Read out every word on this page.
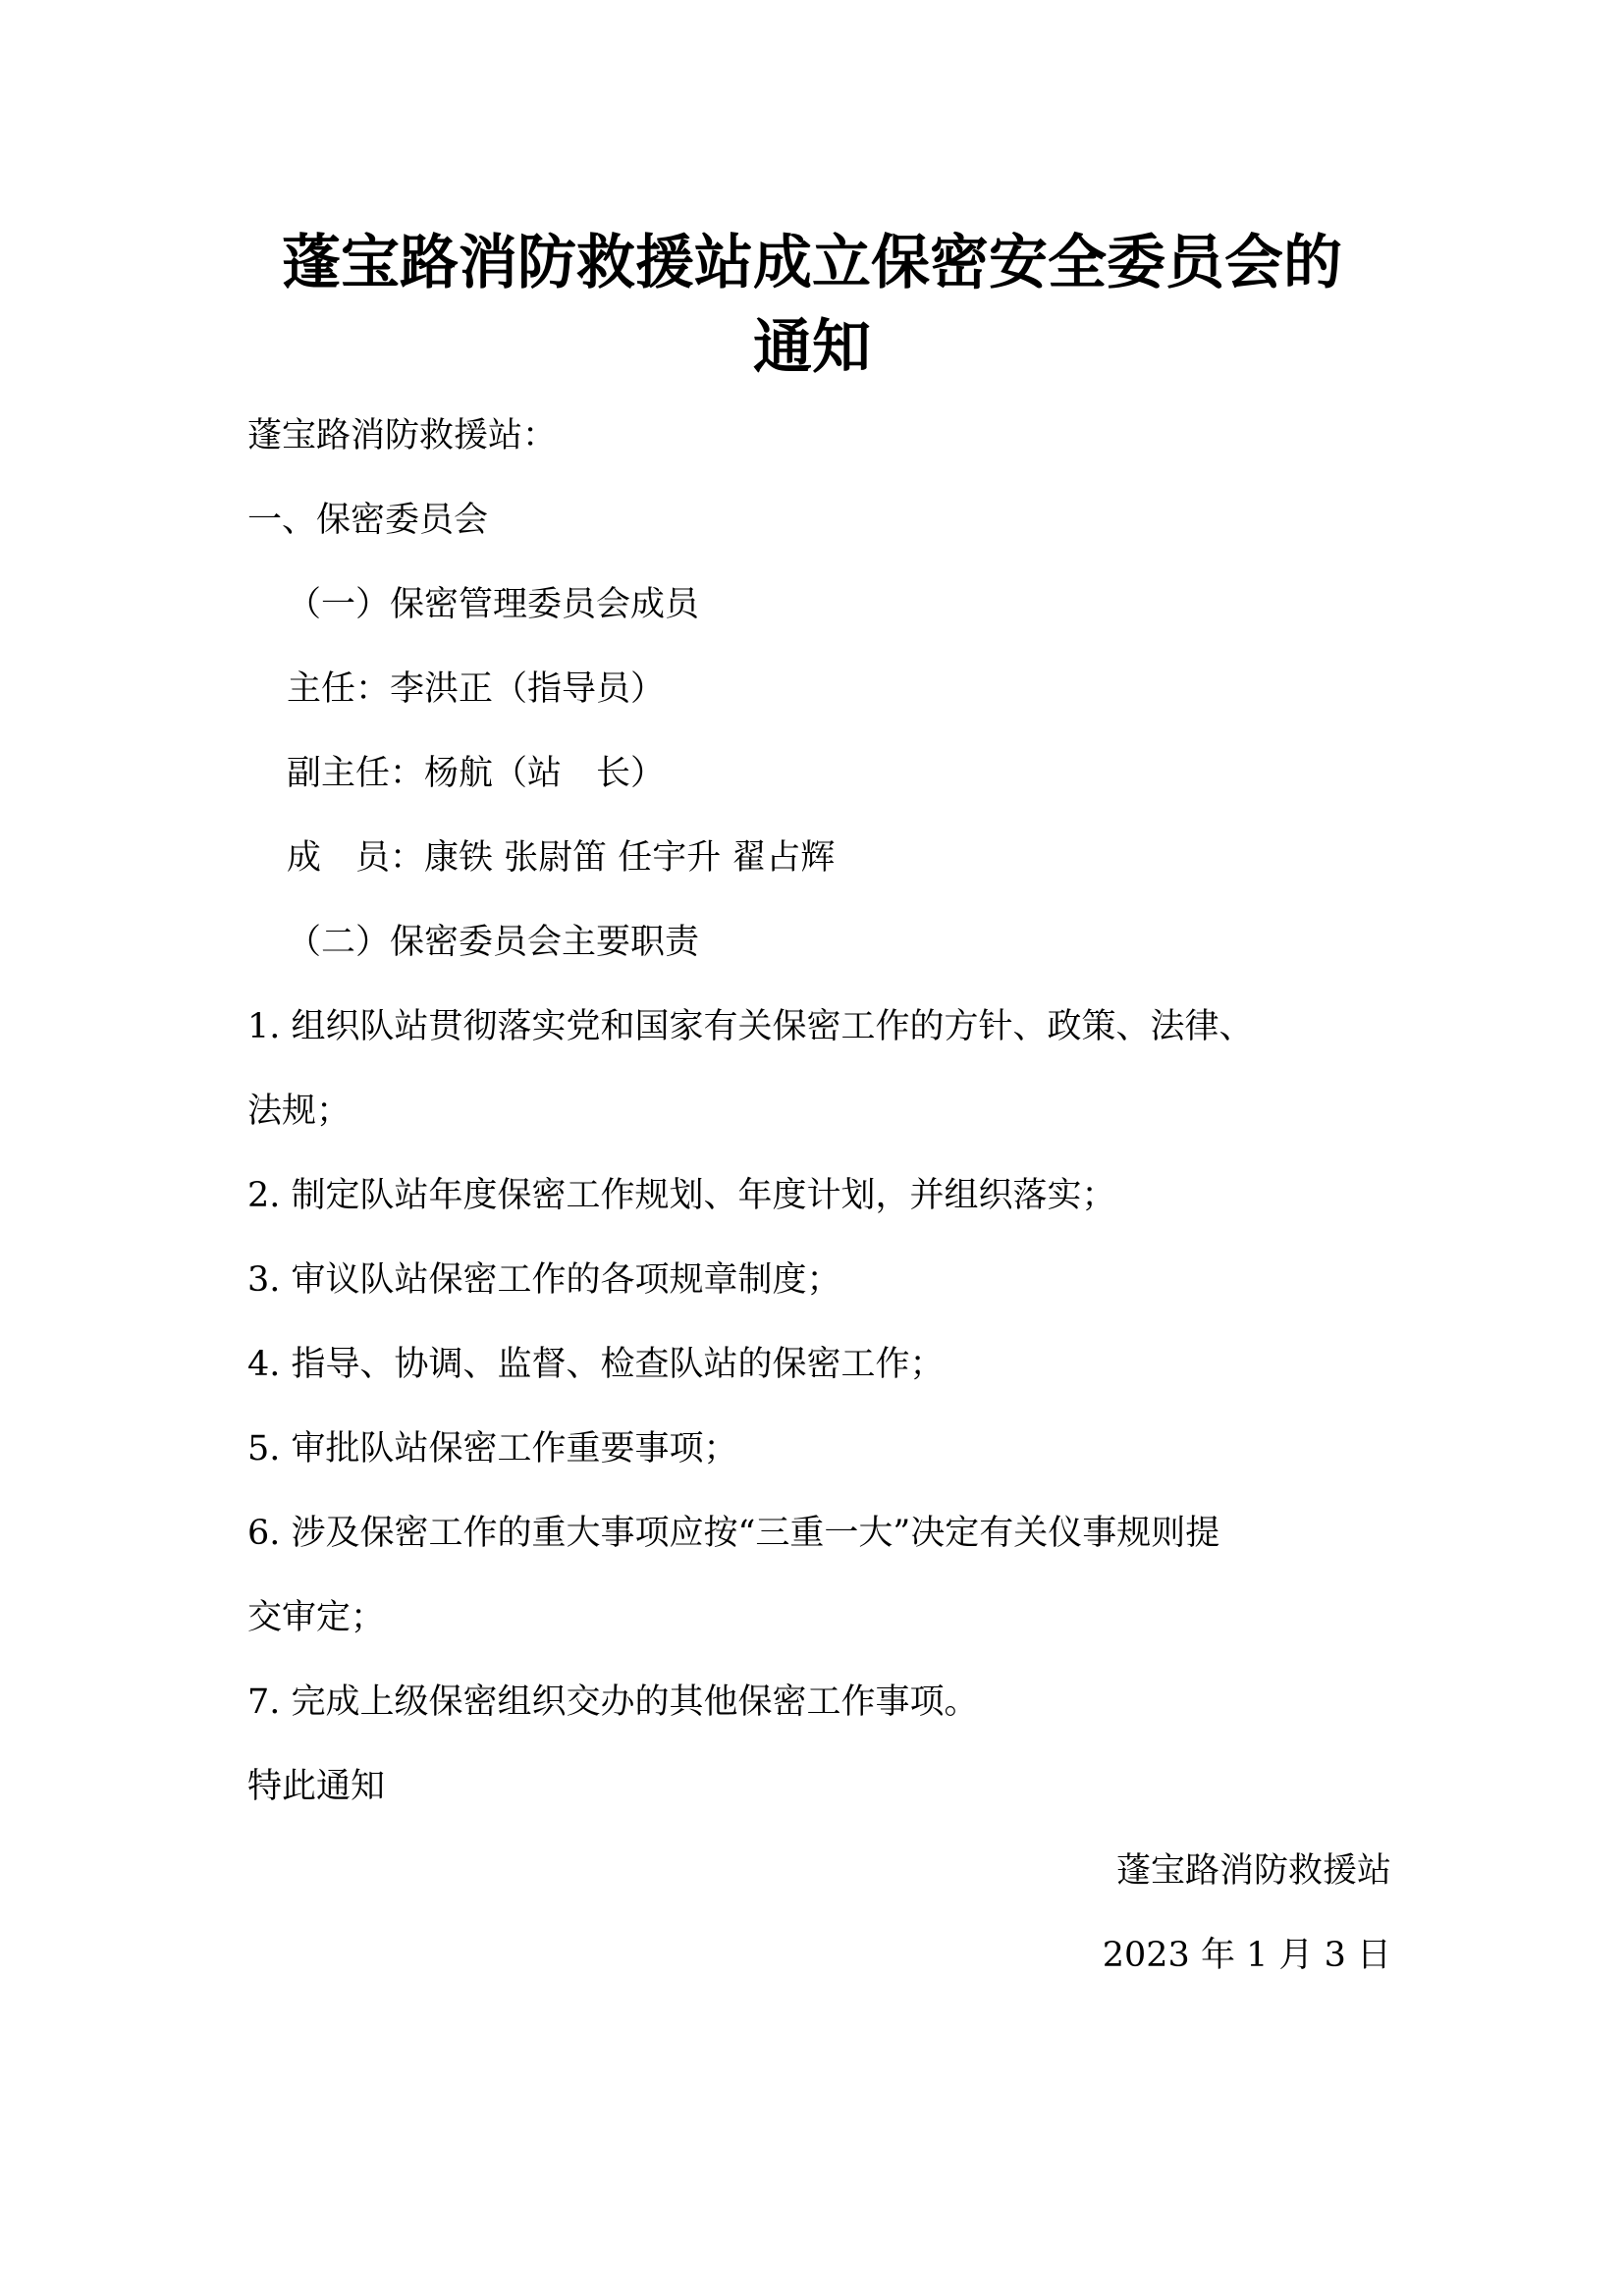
蓬宝路消防救援站成立保密安全委员会的
通知

蓬宝路消防救援站：

一、保密委员会

（一）保密管理委员会成员

主任：李洪正（指导员）

副主任：杨航（站　长）

成　员：康铁 张尉笛 任宇升 翟占辉

（二）保密委员会主要职责

1. 组织队站贯彻落实党和国家有关保密工作的方针、政策、法律、

法规；

2. 制定队站年度保密工作规划、年度计划，并组织落实；

3. 审议队站保密工作的各项规章制度；

4. 指导、协调、监督、检查队站的保密工作；

5. 审批队站保密工作重要事项；

6. 涉及保密工作的重大事项应按“三重一大”决定有关仪事规则提

交审定；

7. 完成上级保密组织交办的其他保密工作事项。

特此通知

蓬宝路消防救援站

2023 年 1 月 3 日
